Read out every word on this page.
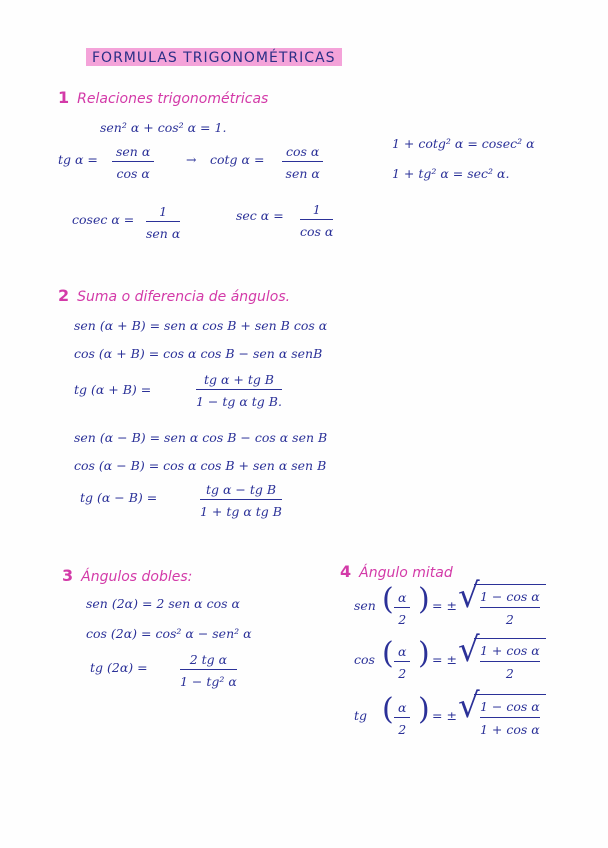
FORMULAS TRIGONOMÉTRICAS
1 Relaciones trigonométricas
sen² α + cos² α = 1.
tg α =
sen α
cos α
→ cotg α =
cos α
sen α
1 + cotg² α = cosec² α
1 + tg² α = sec² α.
cosec α =
1
sen α
$\sec \alpha = \frac{1}{\text{cos α}}$
2 Suma o diferencia de ángulos.
sen (α + B) = sen α cos B + sen B cos α
cos (α + B) = cos α cos B − sen α senB
tg (α + B) =	$\frac{\text{tg α + tg B}}{\text{1 − tg α tg B.}}$
sen (α − B) = sen α cos B − cos α sen B
cos (α − B) = cos α cos B + sen α sen B
tg (α − B) =	$\frac{\text{tg α − tg B}}{\text{1 + tg α tg B}}$
3 Ángulos dobles:
sen (2α) = 2 sen α cos α
cos (2α) = cos² α − sen² α
tg (2α) =	$\frac{\text{2 tg α}}{\text{1 − tg² α}}$
4 Ángulo mitad
sen ( $\frac{\alpha}{2}$ ) = ± √
$\frac{\text{1 − cos α}}{2}$
cos ( $\frac{\alpha}{2}$ ) = ± √
$\frac{\text{1 + cos α}}{2}$
tg ( $\frac{\alpha}{2}$ ) = ± √
$\frac{\text{1 − cos α}}{\text{1 + cos α}}$
